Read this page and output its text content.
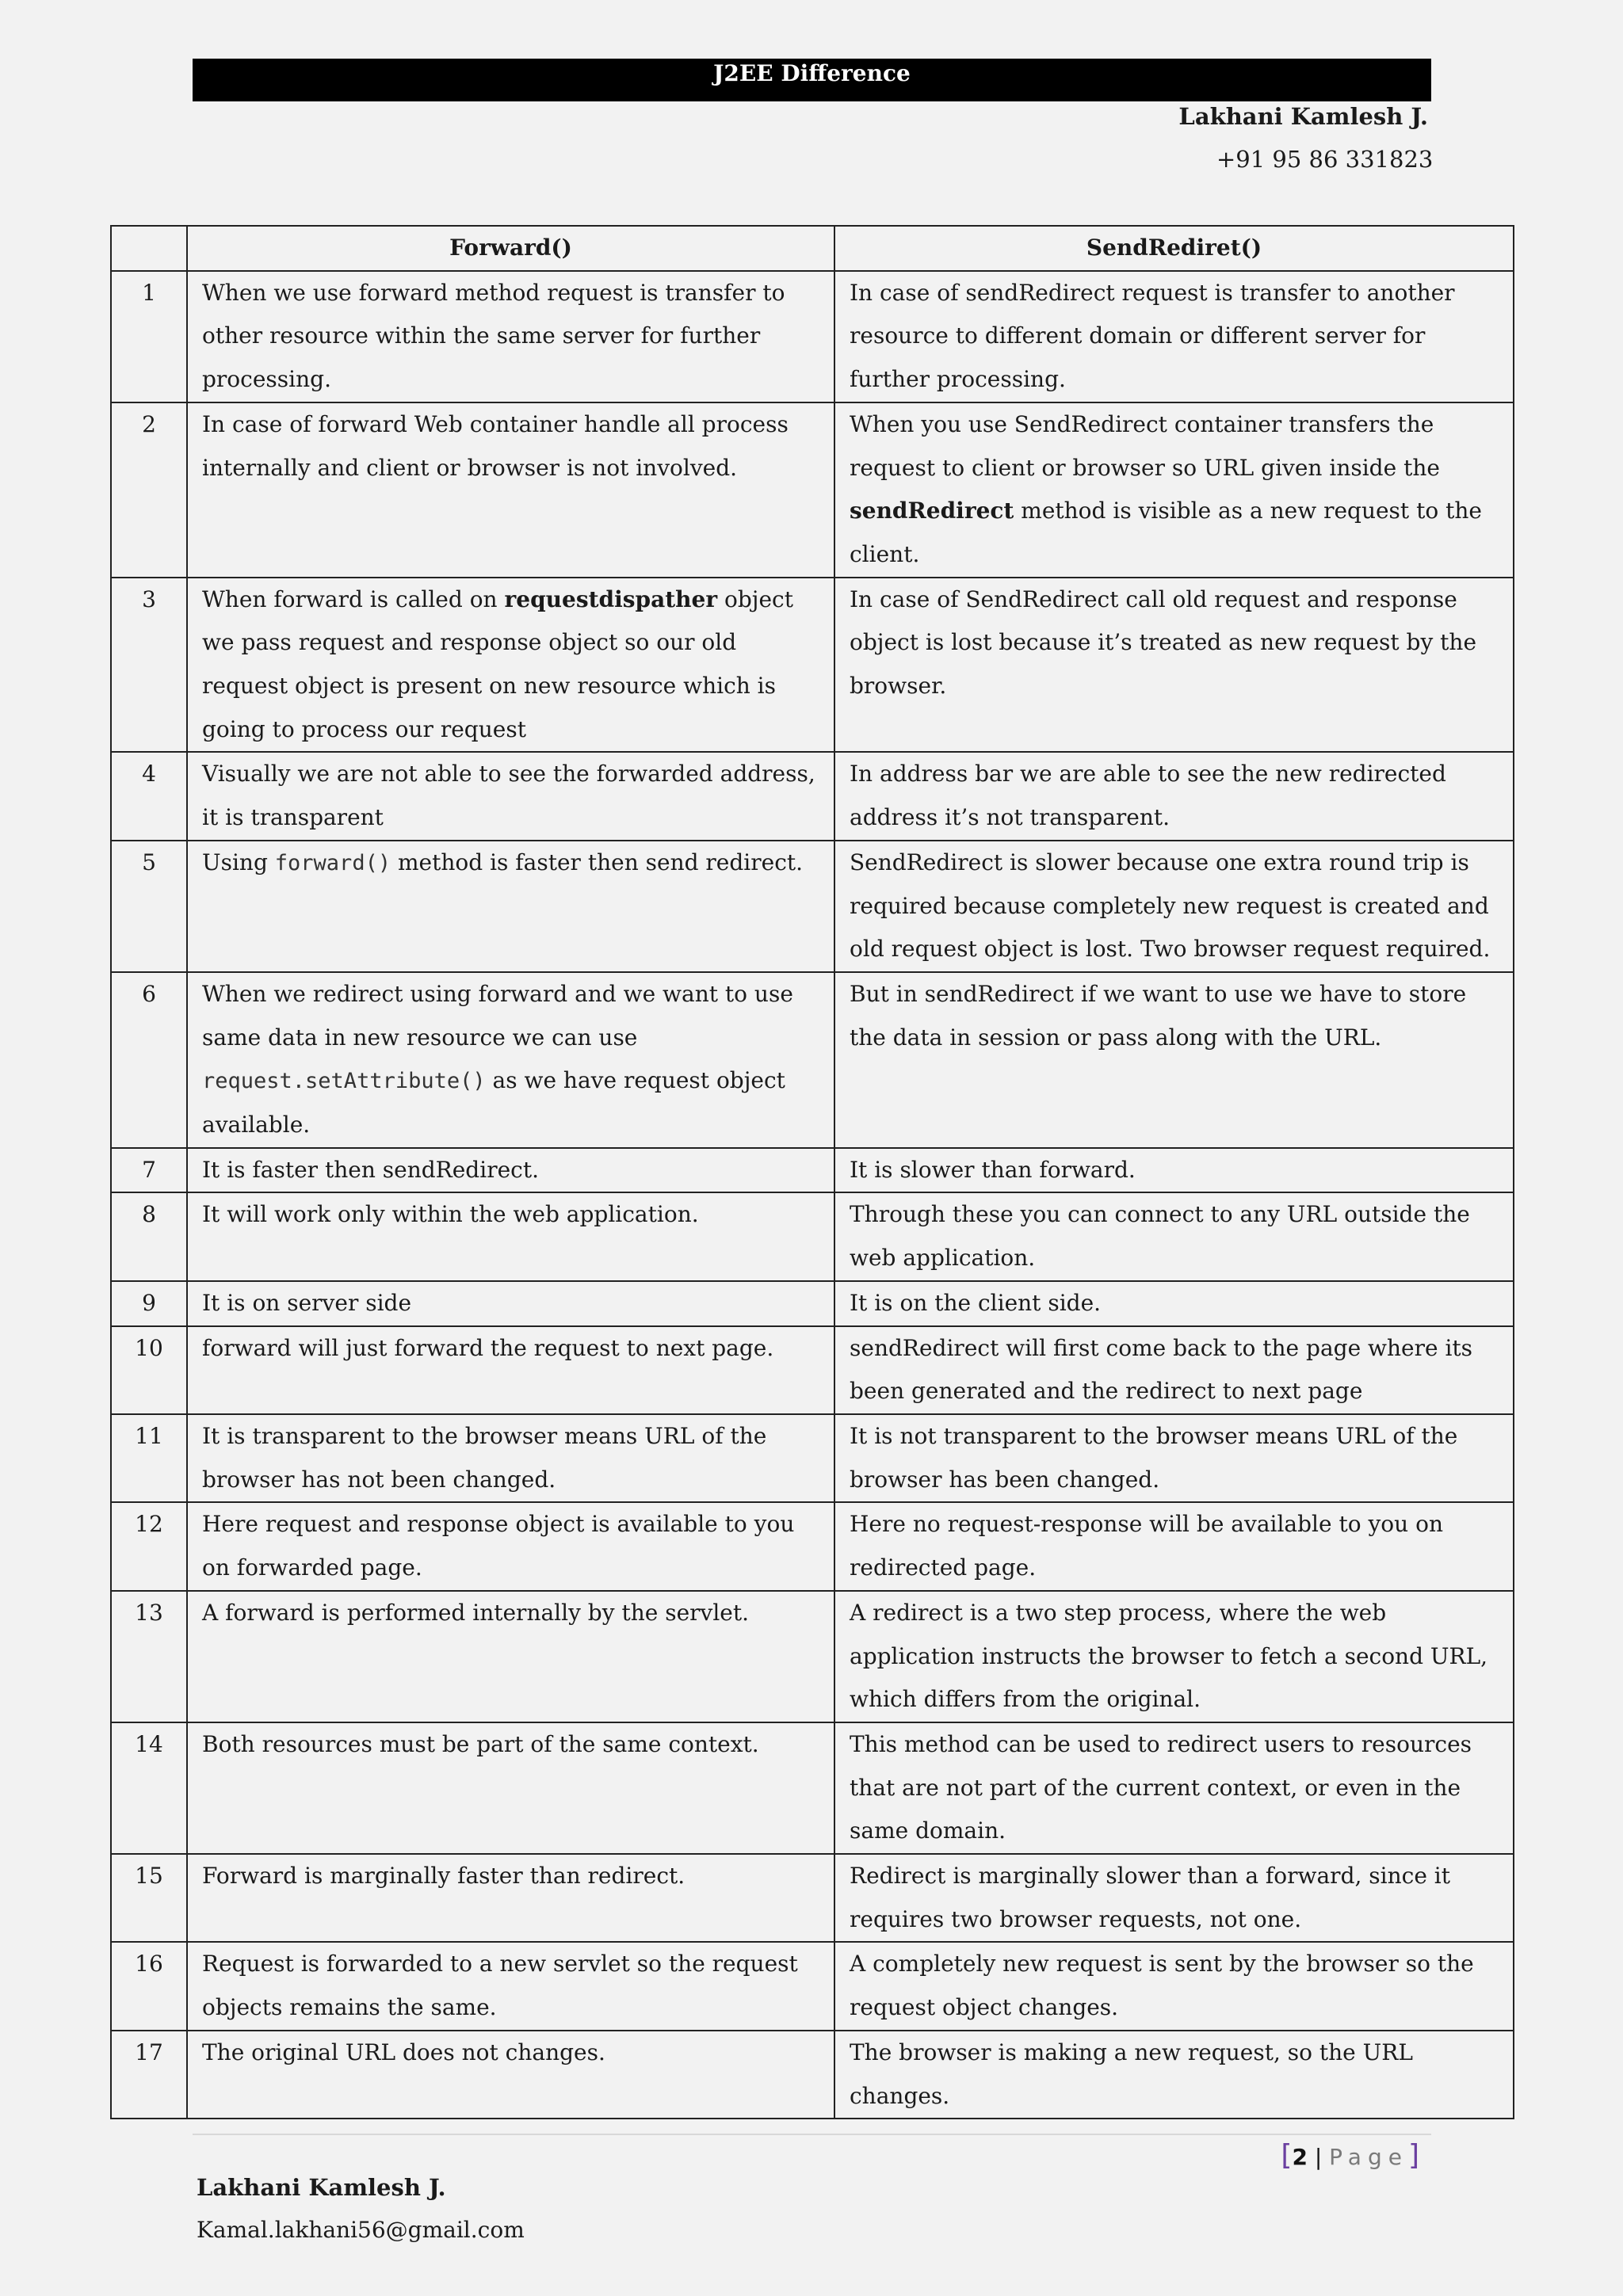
J2EE Difference
Lakhani Kamlesh J.
+91 95 86 331823
	Forward()	SendRediret()
1	When we use forward method request is transfer to other resource within the same server for further processing.	In case of sendRedirect request is transfer to another resource to different domain or different server for further processing.
2	In case of forward Web container handle all process internally and client or browser is not involved.	When you use SendRedirect container transfers the request to client or browser so URL given inside the sendRedirect method is visible as a new request to the client.
3	When forward is called on requestdispather object we pass request and response object so our old request object is present on new resource which is going to process our request	In case of SendRedirect call old request and response object is lost because it’s treated as new request by the browser.
4	Visually we are not able to see the forwarded address, it is transparent	In address bar we are able to see the new redirected address it’s not transparent.
5	Using forward() method is faster then send redirect.	SendRedirect is slower because one extra round trip is required because completely new request is created and old request object is lost. Two browser request required.
6	When we redirect using forward and we want to use same data in new resource we can use request.setAttribute() as we have request object available.	But in sendRedirect if we want to use we have to store the data in session or pass along with the URL.
7	It is faster then sendRedirect.	It is slower than forward.
8	It will work only within the web application.	Through these you can connect to any URL outside the web application.
9	It is on server side	It is on the client side.
10	forward will just forward the request to next page.	sendRedirect will first come back to the page where its been generated and the redirect to next page
11	It is transparent to the browser means URL of the browser has not been changed.	It is not transparent to the browser means URL of the browser has been changed.
12	Here request and response object is available to you on forwarded page.	Here no request-response will be available to you on redirected page.
13	A forward is performed internally by the servlet.	A redirect is a two step process, where the web application instructs the browser to fetch a second URL, which differs from the original.
14	Both resources must be part of the same context.	This method can be used to redirect users to resources that are not part of the current context, or even in the same domain.
15	Forward is marginally faster than redirect.	Redirect is marginally slower than a forward, since it requires two browser requests, not one.
16	Request is forwarded to a new servlet so the request objects remains the same.	A completely new request is sent by the browser so the request object changes.
17	The original URL does not changes.	The browser is making a new request, so the URL changes.
[2 | Page]
Lakhani Kamlesh J.
Kamal.lakhani56@gmail.com
